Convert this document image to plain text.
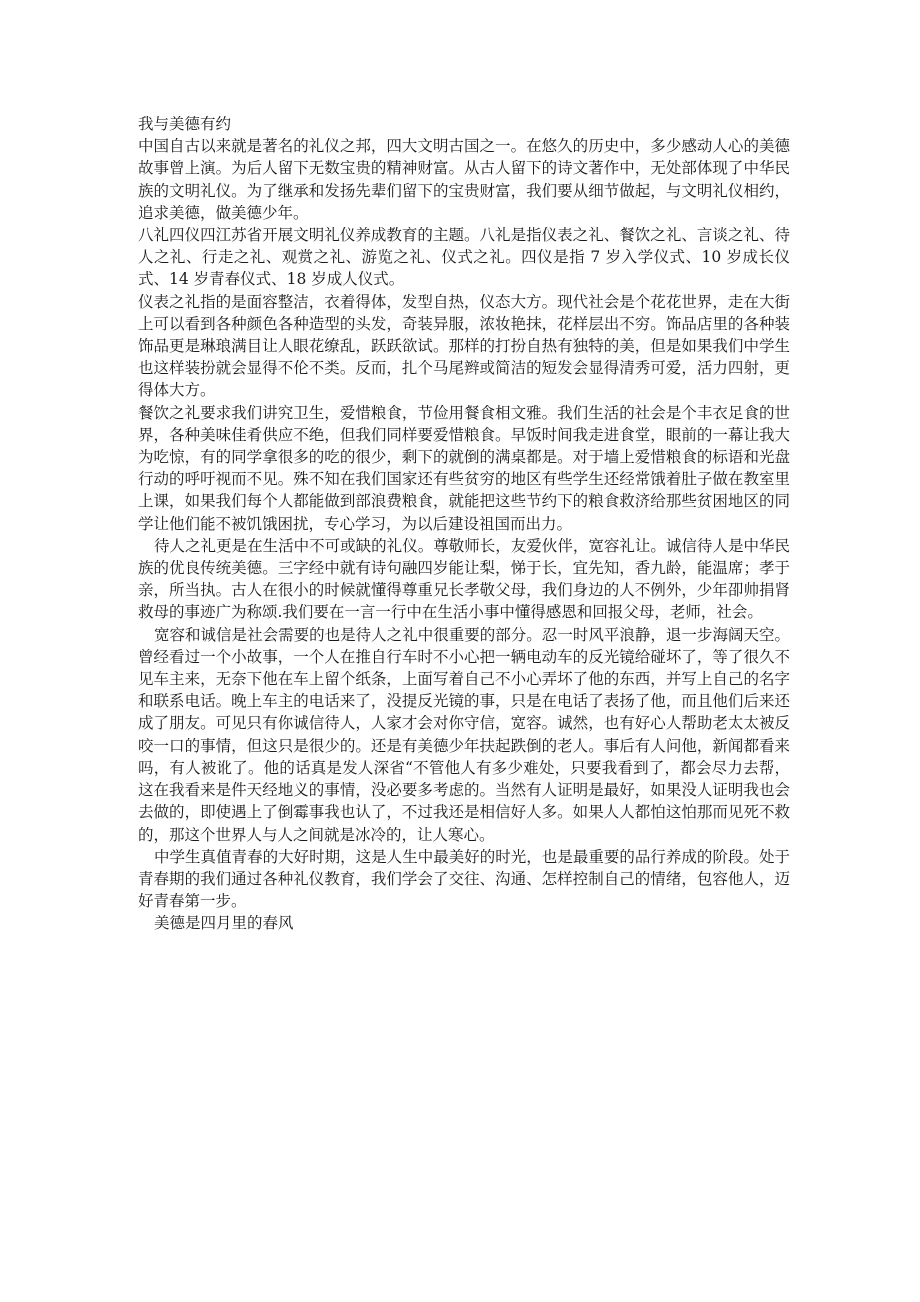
我与美德有约

中国自古以来就是著名的礼仪之邦，四大文明古国之一。在悠久的历史中，多少感动人心的美德故事曾上演。为后人留下无数宝贵的精神财富。从古人留下的诗文著作中，无处部体现了中华民族的文明礼仪。为了继承和发扬先辈们留下的宝贵财富，我们要从细节做起，与文明礼仪相约，追求美德，做美德少年。

八礼四仪四江苏省开展文明礼仪养成教育的主题。八礼是指仪表之礼、餐饮之礼、言谈之礼、待人之礼、行走之礼、观赏之礼、游览之礼、仪式之礼。四仪是指 7 岁入学仪式、10 岁成长仪式、14 岁青春仪式、18 岁成人仪式。

仪表之礼指的是面容整洁，衣着得体，发型自热，仪态大方。现代社会是个花花世界，走在大街上可以看到各种颜色各种造型的头发，奇装异服，浓妆艳抹，花样层出不穷。饰品店里的各种装饰品更是琳琅满目让人眼花缭乱，跃跃欲试。那样的打扮自热有独特的美，但是如果我们中学生也这样装扮就会显得不伦不类。反而，扎个马尾辫或简洁的短发会显得清秀可爱，活力四射，更得体大方。

餐饮之礼要求我们讲究卫生，爱惜粮食，节俭用餐食相文雅。我们生活的社会是个丰衣足食的世界，各种美味佳肴供应不绝，但我们同样要爱惜粮食。早饭时间我走进食堂，眼前的一幕让我大为吃惊，有的同学拿很多的吃的很少，剩下的就倒的满桌都是。对于墙上爱惜粮食的标语和光盘行动的呼吁视而不见。殊不知在我们国家还有些贫穷的地区有些学生还经常饿着肚子做在教室里上课，如果我们每个人都能做到部浪费粮食，就能把这些节约下的粮食救济给那些贫困地区的同学让他们能不被饥饿困扰，专心学习，为以后建设祖国而出力。

待人之礼更是在生活中不可或缺的礼仪。尊敬师长，友爱伙伴，宽容礼让。诚信待人是中华民族的优良传统美德。三字经中就有诗句融四岁能让梨，悌于长，宜先知，香九龄，能温席；孝于亲，所当执。古人在很小的时候就懂得尊重兄长孝敬父母，我们身边的人不例外，少年卲帅捐肾救母的事迹广为称颂.我们要在一言一行中在生活小事中懂得感恩和回报父母，老师，社会。

宽容和诚信是社会需要的也是待人之礼中很重要的部分。忍一时风平浪静，退一步海阔天空。曾经看过一个小故事，一个人在推自行车时不小心把一辆电动车的反光镜给碰坏了，等了很久不见车主来，无奈下他在车上留个纸条，上面写着自己不小心弄坏了他的东西，并写上自己的名字和联系电话。晚上车主的电话来了，没提反光镜的事，只是在电话了表扬了他，而且他们后来还成了朋友。可见只有你诚信待人，人家才会对你守信，宽容。诚然，也有好心人帮助老太太被反咬一口的事情，但这只是很少的。还是有美德少年扶起跌倒的老人。事后有人问他，新闻都看来吗，有人被讹了。他的话真是发人深省“不管他人有多少难处，只要我看到了，都会尽力去帮，这在我看来是件天经地义的事情，没必要多考虑的。当然有人证明是最好，如果没人证明我也会去做的，即使遇上了倒霉事我也认了，不过我还是相信好人多。如果人人都怕这怕那而见死不救的，那这个世界人与人之间就是冰冷的，让人寒心。

中学生真值青春的大好时期，这是人生中最美好的时光，也是最重要的品行养成的阶段。处于青春期的我们通过各种礼仪教育，我们学会了交往、沟通、怎样控制自己的情绪，包容他人，迈好青春第一步。

美德是四月里的春风
